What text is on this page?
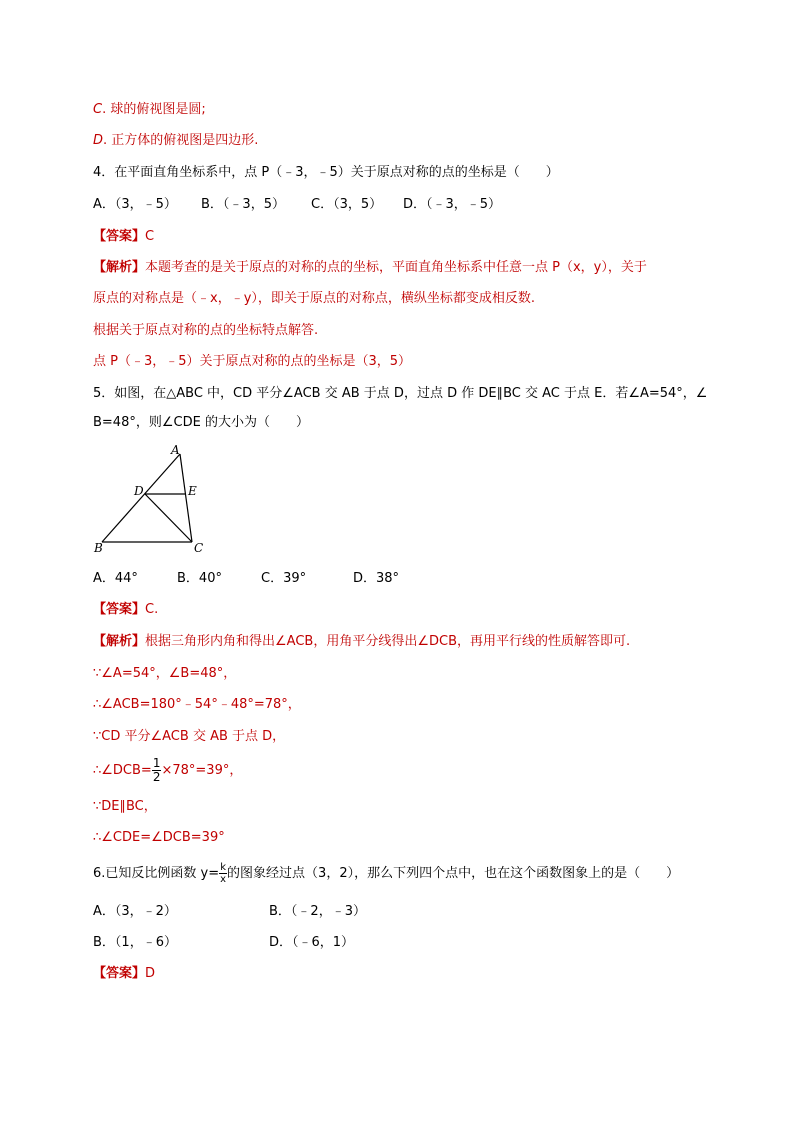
C. 球的俯视图是圆;
D. 正方体的俯视图是四边形.
4．在平面直角坐标系中，点 P（﹣3，﹣5）关于原点对称的点的坐标是（　　）
A．（3，﹣5） B．（﹣3，5） C．（3，5） D．（﹣3，﹣5）
【答案】C
【解析】本题考查的是关于原点的对称的点的坐标，平面直角坐标系中任意一点 P（x，y），关于
原点的对称点是（﹣x，﹣y），即关于原点的对称点，横纵坐标都变成相反数.
根据关于原点对称的点的坐标特点解答.
点 P（﹣3，﹣5）关于原点对称的点的坐标是（3，5）
5．如图，在△ABC 中，CD 平分∠ACB 交 AB 于点 D，过点 D 作 DE∥BC 交 AC 于点 E．若∠A=54°，∠
B=48°，则∠CDE 的大小为（　　）
A
B	C
D	E
A．44°	B．40°	C．39°	D．38°
【答案】C.
【解析】根据三角形内角和得出∠ACB，用角平分线得出∠DCB，再用平行线的性质解答即可.
∵∠A=54°，∠B=48°，
∴∠ACB=180°﹣54°﹣48°=78°，
∵CD 平分∠ACB 交 AB 于点 D，
∴∠DCB= $\frac{1}{2} \times 78^\circ=39^\circ$，
∵DE∥BC，
∴∠CDE=∠DCB=39°
6.已知反比例函数 $y= \frac{k}{x}$ 的图象经过点（3，2），那么下列四个点中，也在这个函数图象上的是（　　）
A．（3，﹣2）	B．（﹣2，﹣3）
B．（1，﹣6）	D．（﹣6，1）
【答案】D
